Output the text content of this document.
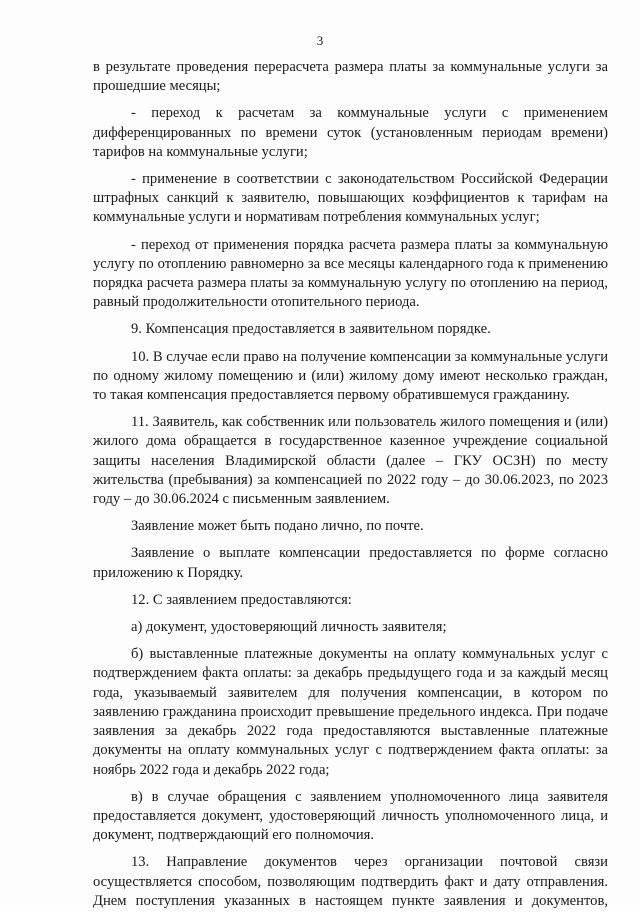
3

в результате проведения перерасчета размера платы за коммунальные услуги за прошедшие месяцы;

- переход к расчетам за коммунальные услуги с применением дифференцированных по времени суток (установленным периодам времени) тарифов на коммунальные услуги;

- применение в соответствии с законодательством Российской Федерации штрафных санкций к заявителю, повышающих коэффициентов к тарифам на коммунальные услуги и нормативам потребления коммунальных услуг;

- переход от применения порядка расчета размера платы за коммунальную услугу по отоплению равномерно за все месяцы календарного года к применению порядка расчета размера платы за коммунальную услугу по отоплению на период, равный продолжительности отопительного периода.

9. Компенсация предоставляется в заявительном порядке.

10. В случае если право на получение компенсации за коммунальные услуги по одному жилому помещению и (или) жилому дому имеют несколько граждан, то такая компенсация предоставляется первому обратившемуся гражданину.

11. Заявитель, как собственник или пользователь жилого помещения и (или) жилого дома обращается в государственное казенное учреждение социальной защиты населения Владимирской области (далее – ГКУ ОСЗН) по месту жительства (пребывания) за компенсацией по 2022 году – до 30.06.2023, по 2023 году – до 30.06.2024 с письменным заявлением.

Заявление может быть подано лично, по почте.

Заявление о выплате компенсации предоставляется по форме согласно приложению к Порядку.

12. С заявлением предоставляются:

а) документ, удостоверяющий личность заявителя;

б) выставленные платежные документы на оплату коммунальных услуг с подтверждением факта оплаты: за декабрь предыдущего года и за каждый месяц года, указываемый заявителем для получения компенсации, в котором по заявлению гражданина происходит превышение предельного индекса. При подаче заявления за декабрь 2022 года предоставляются выставленные платежные документы на оплату коммунальных услуг с подтверждением факта оплаты: за ноябрь 2022 года и декабрь 2022 года;

в) в случае обращения с заявлением уполномоченного лица заявителя предоставляется документ, удостоверяющий личность уполномоченного лица, и документ, подтверждающий его полномочия.

13. Направление документов через организации почтовой связи осуществляется способом, позволяющим подтвердить факт и дату отправления. Днем поступления указанных в настоящем пункте заявления и документов,
